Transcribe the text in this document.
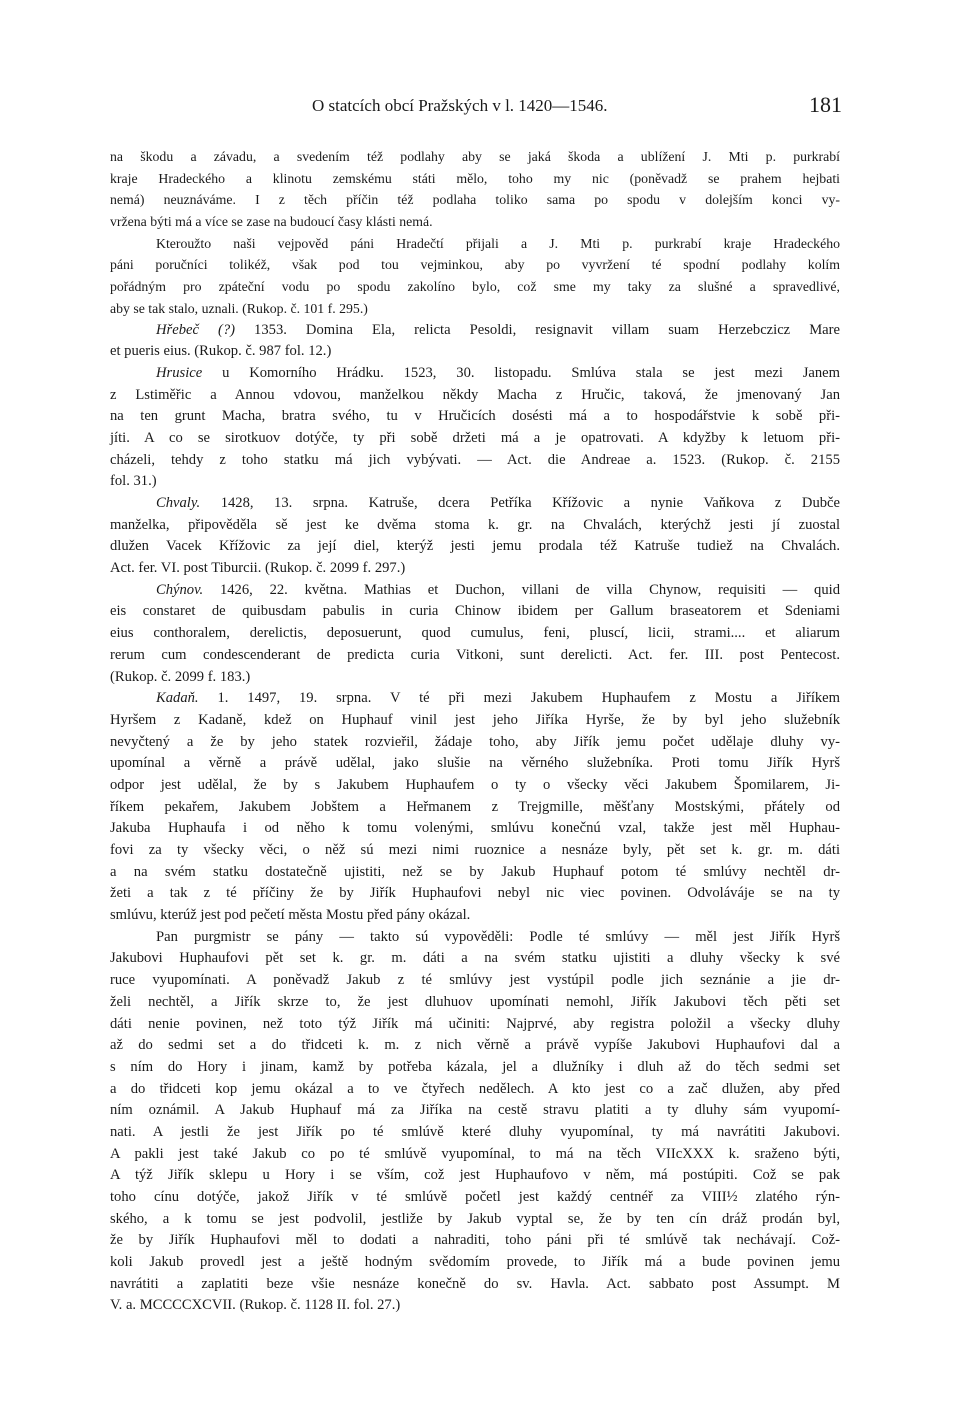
O statcích obcí Pražských v l. 1420—1546.	181
na škodu a závadu, a svedením též podlahy aby se jaká škoda a ublížení J. Mti p. purkrabí
kraje Hradeckého a klinotu zemskému státi mělo, toho my nic (poněvadž se prahem hejbati
nemá) neuznáváme. I z těch příčin též podlaha toliko sama po spodu v dolejším konci vy-
vržena býti má a více se zase na budoucí časy klásti nemá.
Kteroužto naši vejpověd páni Hradečtí přijali a J. Mti p. purkrabí kraje Hradeckého
páni poručníci tolikéž, však pod tou vejminkou, aby po vyvržení té spodní podlahy kolím
pořádným pro zpáteční vodu po spodu zakolíno bylo, což sme my taky za slušné a spravedlivé,
aby se tak stalo, uznali. (Rukop. č. 101 f. 295.)
Hřebeč (?) 1353. Domina Ela, relicta Pesoldi, resignavit villam suam Herzebczicz Mare
et pueris eius. (Rukop. č. 987 fol. 12.)
Hrusice u Komorního Hrádku. 1523, 30. listopadu. Smlúva stala se jest mezi Janem
z Lstiměřic a Annou vdovou, manželkou někdy Macha z Hručic, taková, že jmenovaný Jan
na ten grunt Macha, bratra svého, tu v Hručicích dosésti má a to hospodářstvie k sobě při-
jíti. A co se sirotkuov dotýče, ty při sobě držeti má a je opatrovati. A kdyžby k letuom při-
cházeli, tehdy z toho statku má jich vybývati. — Act. die Andreae a. 1523. (Rukop. č. 2155
fol. 31.)
Chvaly. 1428, 13. srpna. Katruše, dcera Petříka Křížovic a nynie Vaňkova z Dubče
manželka, připověděla sě jest ke dvěma stoma k. gr. na Chvalách, kterýchž jesti jí zuostal
dlužen Vacek Křížovic za její diel, kterýž jesti jemu prodala též Katruše tudiež na Chvalách.
Act. fer. VI. post Tiburcii. (Rukop. č. 2099 f. 297.)
Chýnov. 1426, 22. května. Mathias et Duchon, villani de villa Chynow, requisiti — quid
eis constaret de quibusdam pabulis in curia Chinow ibidem per Gallum braseatorem et Sdeniami
eius conthoralem, derelictis, deposuerunt, quod cumulus, feni, pluscí, licii, strami.... et aliarum
rerum cum condescenderant de predicta curia Vitkoni, sunt derelicti. Act. fer. III. post Pentecost.
(Rukop. č. 2099 f. 183.)
Kadaň. 1. 1497, 19. srpna. V té při mezi Jakubem Huphaufem z Mostu a Jiříkem
Hyršem z Kadaně, kdež on Huphauf vinil jest jeho Jiříka Hyrše, že by byl jeho služebník
nevyčtený a že by jeho statek rozvieřil, žádaje toho, aby Jiřík jemu počet udělaje dluhy vy-
upomínal a věrně a právě udělal, jako slušie na věrného služebníka. Proti tomu Jiřík Hyrš
odpor jest udělal, že by s Jakubem Huphaufem o ty o všecky věci Jakubem Špomilarem, Ji-
říkem pekařem, Jakubem Jobštem a Heřmanem z Trejgmille, měšťany Mostskými, přátely od
Jakuba Huphaufa i od něho k tomu volenými, smlúvu konečnú vzal, takže jest měl Huphau-
fovi za ty všecky věci, o něž sú mezi nimi ruoznice a nesnáze byly, pět set k. gr. m. dáti
a na svém statku dostatečně ujistiti, než se by Jakub Huphauf potom té smlúvy nechtěl dr-
žeti a tak z té příčiny že by Jiřík Huphaufovi nebyl nic viec povinen. Odvoláváje se na ty
smlúvu, kterúž jest pod pečetí města Mostu před pány okázal.
Pan purgmistr se pány — takto sú vypověděli: Podle té smlúvy — měl jest Jiřík Hyrš
Jakubovi Huphaufovi pět set k. gr. m. dáti a na svém statku ujistiti a dluhy všecky k své
ruce vyupomínati. A poněvadž Jakub z té smlúvy jest vystúpil podle jich seznánie a jie dr-
želi nechtěl, a Jiřík skrze to, že jest dluhuov upomínati nemohl, Jiřík Jakubovi těch pěti set
dáti nenie povinen, než toto týž Jiřík má učiniti: Najprvé, aby registra položil a všecky dluhy
až do sedmi set a do třidceti k. m. z nich věrně a právě vypíše Jakubovi Huphaufovi dal a
s ním do Hory i jinam, kamž by potřeba kázala, jel a dlužníky i dluh až do těch sedmi set
a do třidceti kop jemu okázal a to ve čtyřech nedělech. A kto jest co a zač dlužen, aby před
ním oznámil. A Jakub Huphauf má za Jiříka na cestě stravu platiti a ty dluhy sám vyupomí-
nati. A jestli že jest Jiřík po té smlúvě které dluhy vyupomínal, ty má navrátiti Jakubovi.
A pakli jest také Jakub co po té smlúvě vyupomínal, to má na těch VIIcXXX k. sraženo býti,
A týž Jiřík sklepu u Hory i se vším, což jest Huphaufovo v něm, má postúpiti. Což se pak
toho cínu dotýče, jakož Jiřík v té smlúvě početl jest každý centnéř za VIII½ zlatého rýn-
ského, a k tomu se jest podvolil, jestliže by Jakub vyptal se, že by ten cín dráž prodán byl,
že by Jiřík Huphaufovi měl to dodati a nahraditi, toho páni při té smlúvě tak nechávají. Což-
koli Jakub provedl jest a ještě hodným svědomím provede, to Jiřík má a bude povinen jemu
navrátiti a zaplatiti beze všie nesnáze konečně do sv. Havla. Act. sabbato post Assumpt. M
V. a. MCCCCXCVII. (Rukop. č. 1128 II. fol. 27.)
